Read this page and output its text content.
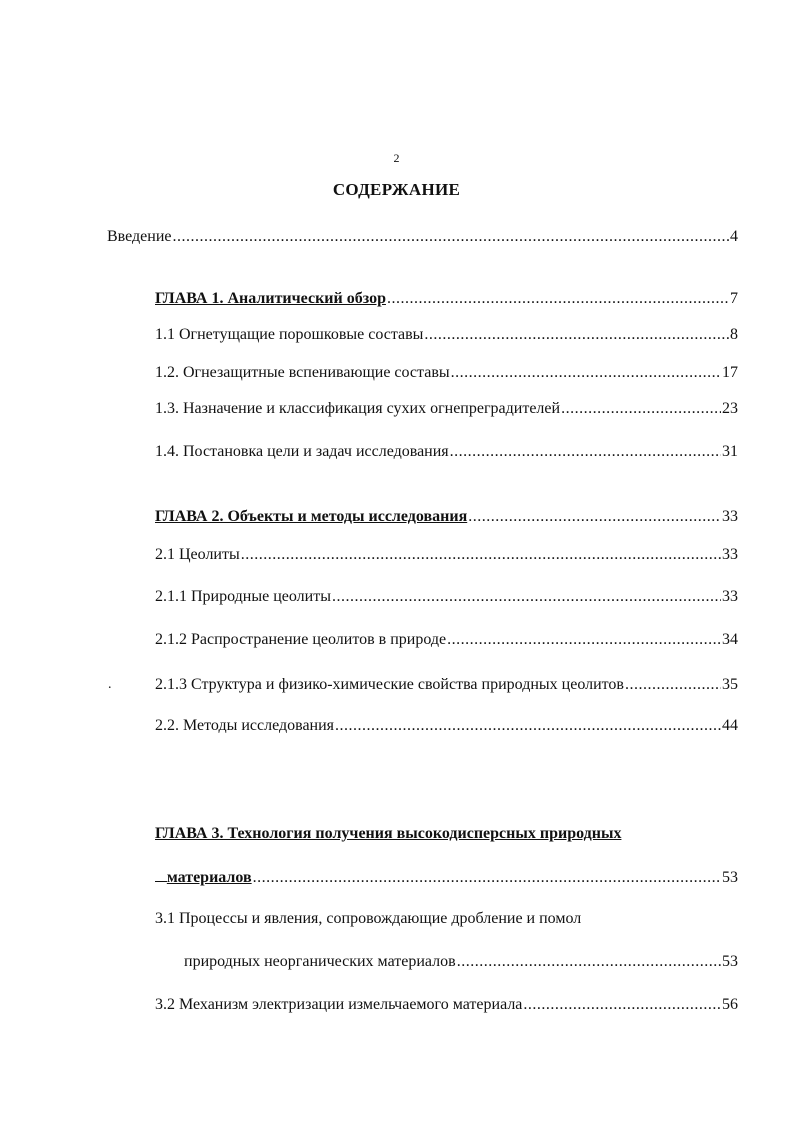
2
СОДЕРЖАНИЕ
Введение .....	4
ГЛАВА 1. Аналитический обзор .....	7
1.1 Огнетущащие порошковые составы .....	8
1.2. Огнезащитные вспенивающие составы .....	17
1.3. Назначение и классификация сухих огнепреградителей .....	23
1.4. Постановка цели и задач исследования .....	31
ГЛАВА 2. Объекты и методы исследования .....	33
2.1 Цеолиты .....	33
2.1.1 Природные цеолиты .....	33
2.1.2 Распространение цеолитов в природе .....	34
.	2.1.3 Структура и физико-химические свойства природных цеолитов .....	35
2.2. Методы исследования .....	44
ГЛАВА 3. Технология получения высокодисперсных природных
материалов .....	53
3.1 Процессы и явления, сопровождающие дробление и помол
природных неорганических материалов .....	53
3.2 Механизм электризации измельчаемого материала .....	56
